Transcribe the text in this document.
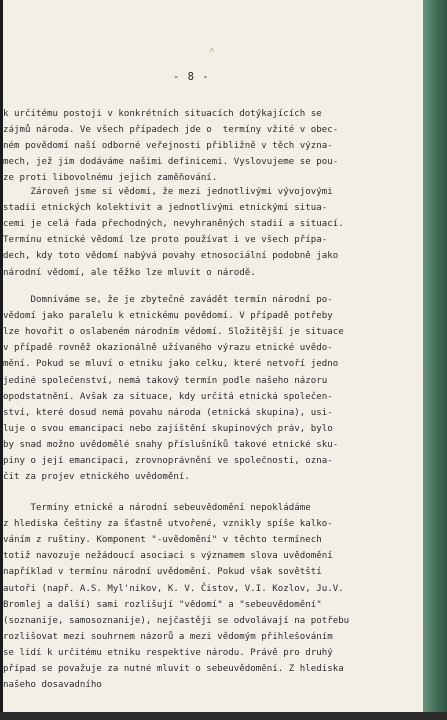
˄
- 8 -
k určitému postoji v konkrétních situacích dotýkajících se
zájmů národa. Ve všech případech jde o  termíny vžité v obec-
ném povědomí naší odborné veřejnosti přibližně v těch význa-
mech, jež jim dodáváme našimi definicemi. Vyslovujeme se pou-
ze proti libovolnému jejich zaměňování.
Zároveň jsme si vědomi, že mezi jednotlivými vývojovými
stadii etnických kolektivit a jednotlivými etnickými situa-
cemi je celá řada přechodných, nevyhraněných stadií a situací.
Termínu etnické vědomí lze proto používat i ve všech přípa-
dech, kdy toto vědomí nabývá povahy etnosociální podobně jako
národní vědomí, ale těžko lze mluvit o národě.
Domníváme se, že je zbytečné zavádět termín národní po-
vědomí jako paralelu k etnickému povědomí. V případě potřeby
lze hovořit o oslabeném národním vědomí. Složitější je situace
v případě rovněž okazionálně užívaného výrazu etnické uvědo-
mění. Pokud se mluví o etniku jako celku, které netvoří jedno
jediné společenství, nemá takový termín podle našeho názoru
opodstatnění. Avšak za situace, kdy určitá etnická společen-
ství, které dosud nemá povahu národa (etnická skupina), usi-
luje o svou emancipaci nebo zajištění skupinových práv, bylo
by snad možno uvědomělé snahy příslušníků takové etnické sku-
piny o její emancipaci, zrovnoprávnění ve společnosti, ozna-
čit za projev etnického uvědomění.
Termíny etnické a národní sebeuvědomění nepokládáme
z hlediska češtiny za šťastně utvořené, vznikly spíše kalko-
váním z ruštiny. Komponent "-uvědomění" v těchto termínech
totiž navozuje nežádoucí asociaci s významem slova uvědomění
například v termínu národní uvědomění. Pokud však sovětští
autoři (např. A.S. Myl'nikov, K. V. Čistov, V.I. Kozlov, Ju.V.
Bromlej a další) sami rozlišují "vědomí" a "sebeuvědomění"
(soznanije, samosoznanije), nejčastěji se odvolávají na potřebu
rozlišovat mezi souhrnem názorů a mezi vědomým přihlešováním
se lidí k určitému etniku respektive národu. Právě pro druhý
případ se považuje za nutné mluvit o sebeuvědomění. Z hlediska
našeho dosavadního
